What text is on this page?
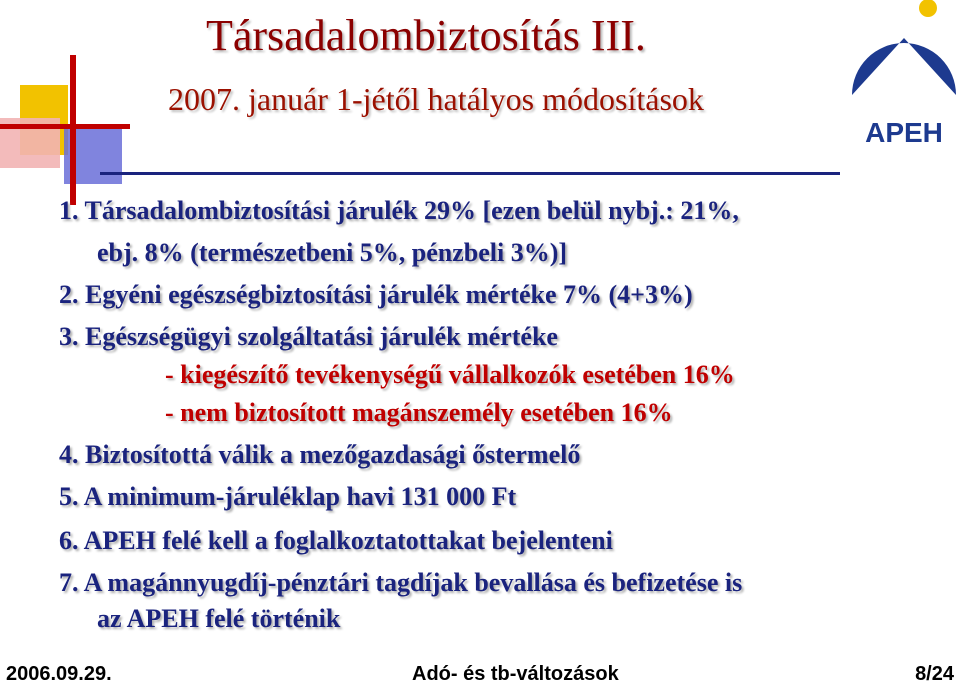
Társadalombiztosítás III.
2007. január 1-jétől hatályos módosítások
APEH
1. Társadalombiztosítási járulék 29% [ezen belül nybj.: 21%,
ebj. 8% (természetbeni 5%, pénzbeli 3%)]
2. Egyéni egészségbiztosítási járulék mértéke 7% (4+3%)
3. Egészségügyi szolgáltatási járulék mértéke
- kiegészítő tevékenységű vállalkozók esetében 16%
- nem biztosított magánszemély esetében 16%
4. Biztosítottá válik a mezőgazdasági őstermelő
5. A minimum-járuléklap havi 131 000 Ft
6. APEH felé kell a foglalkoztatottakat bejelenteni
7. A magánnyugdíj-pénztári tagdíjak bevallása és befizetése is
az APEH felé történik
2006.09.29.	Adó- és tb-változások	8/24
